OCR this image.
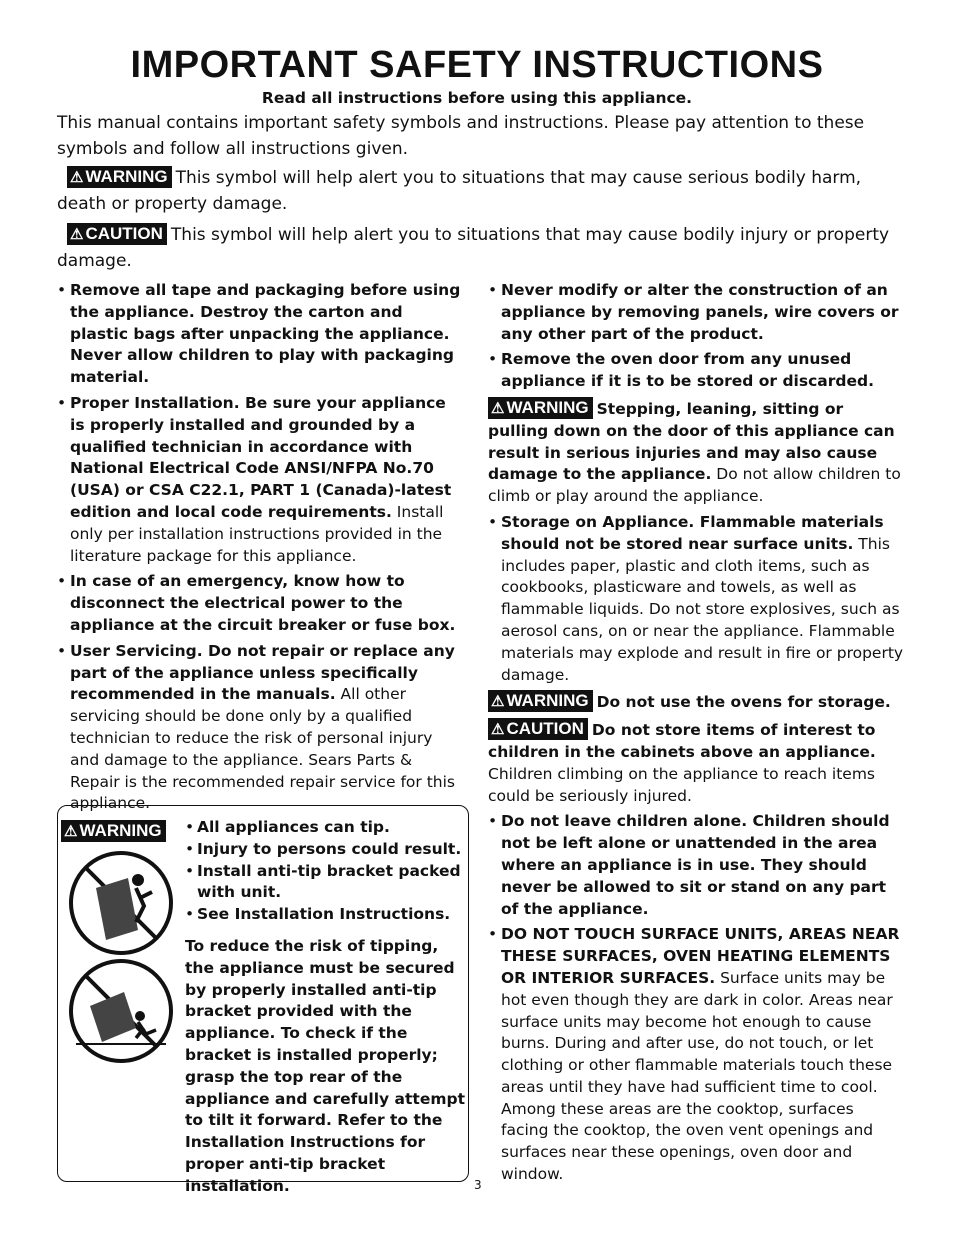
IMPORTANT SAFETY INSTRUCTIONS
Read all instructions before using this appliance.
This manual contains important safety symbols and instructions. Please pay attention to these symbols and follow all instructions given.
⚠ WARNING This symbol will help alert you to situations that may cause serious bodily harm, death or property damage.
⚠ CAUTION This symbol will help alert you to situations that may cause bodily injury or property damage.
• Remove all tape and packaging before using the appliance. Destroy the carton and plastic bags after unpacking the appliance. Never allow children to play with packaging material.
• Proper Installation. Be sure your appliance is properly installed and grounded by a qualified technician in accordance with National Electrical Code ANSI/NFPA No.70 (USA) or CSA C22.1, PART 1 (Canada)-latest edition and local code requirements. Install only per installation instructions provided in the literature package for this appliance.
• In case of an emergency, know how to disconnect the electrical power to the appliance at the circuit breaker or fuse box.
• User Servicing. Do not repair or replace any part of the appliance unless specifically recommended in the manuals. All other servicing should be done only by a qualified technician to reduce the risk of personal injury and damage to the appliance. Sears Parts & Repair is the recommended repair service for this appliance.
⚠ WARNING • All appliances can tip.
• Injury to persons could result.
• Install anti-tip bracket packed with unit.
• See Installation Instructions.
To reduce the risk of tipping, the appliance must be secured by properly installed anti-tip bracket provided with the appliance. To check if the bracket is installed properly; grasp the top rear of the appliance and carefully attempt to tilt it forward. Refer to the Installation Instructions for proper anti-tip bracket installation.
• Never modify or alter the construction of an appliance by removing panels, wire covers or any other part of the product.
• Remove the oven door from any unused appliance if it is to be stored or discarded.
⚠ WARNING Stepping, leaning, sitting or pulling down on the door of this appliance can result in serious injuries and may also cause damage to the appliance. Do not allow children to climb or play around the appliance.
• Storage on Appliance. Flammable materials should not be stored near surface units. This includes paper, plastic and cloth items, such as cookbooks, plasticware and towels, as well as flammable liquids. Do not store explosives, such as aerosol cans, on or near the appliance. Flammable materials may explode and result in fire or property damage.
⚠ WARNING Do not use the ovens for storage.
⚠ CAUTION Do not store items of interest to children in the cabinets above an appliance. Children climbing on the appliance to reach items could be seriously injured.
• Do not leave children alone. Children should not be left alone or unattended in the area where an appliance is in use. They should never be allowed to sit or stand on any part of the appliance.
• DO NOT TOUCH SURFACE UNITS, AREAS NEAR THESE SURFACES, OVEN HEATING ELEMENTS OR INTERIOR SURFACES. Surface units may be hot even though they are dark in color. Areas near surface units may become hot enough to cause burns. During and after use, do not touch, or let clothing or other flammable materials touch these areas until they have had sufficient time to cool. Among these areas are the cooktop, surfaces facing the cooktop, the oven vent openings and surfaces near these openings, oven door and window.
3
